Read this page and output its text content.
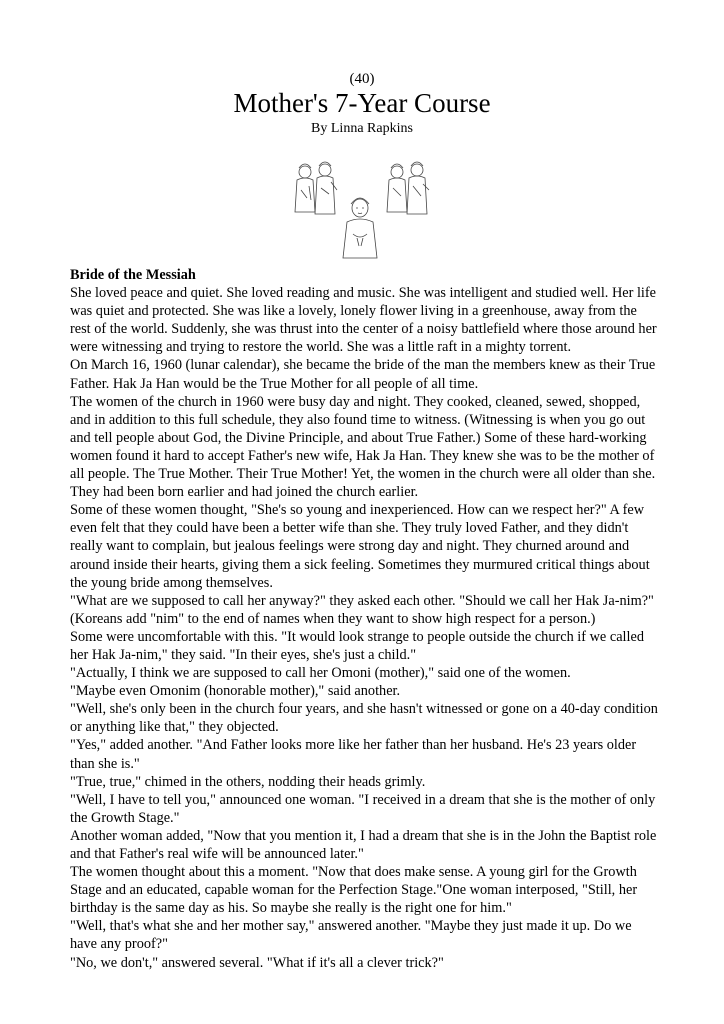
(40)
Mother's 7-Year Course
By Linna Rapkins
Bride of the Messiah

She loved peace and quiet. She loved reading and music. She was intelligent and studied well. Her life was quiet and protected. She was like a lovely, lonely flower living in a greenhouse, away from the rest of the world. Suddenly, she was thrust into the center of a noisy battlefield where those around her were witnessing and trying to restore the world. She was a little raft in a mighty torrent.

On March 16, 1960 (lunar calendar), she became the bride of the man the members knew as their True Father. Hak Ja Han would be the True Mother for all people of all time.

The women of the church in 1960 were busy day and night. They cooked, cleaned, sewed, shopped, and in addition to this full schedule, they also found time to witness. (Witnessing is when you go out and tell people about God, the Divine Principle, and about True Father.) Some of these hard-working women found it hard to accept Father's new wife, Hak Ja Han. They knew she was to be the mother of all people. The True Mother. Their True Mother! Yet, the women in the church were all older than she. They had been born earlier and had joined the church earlier.

Some of these women thought, "She's so young and inexperienced. How can we respect her?" A few even felt that they could have been a better wife than she. They truly loved Father, and they didn't really want to complain, but jealous feelings were strong day and night. They churned around and around inside their hearts, giving them a sick feeling. Sometimes they murmured critical things about the young bride among themselves.

"What are we supposed to call her anyway?" they asked each other. "Should we call her Hak Ja-nim?" (Koreans add "nim" to the end of names when they want to show high respect for a person.)

Some were uncomfortable with this. "It would look strange to people outside the church if we called her Hak Ja-nim," they said. "In their eyes, she's just a child."

"Actually, I think we are supposed to call her Omoni (mother)," said one of the women.

"Maybe even Omonim (honorable mother)," said another.

"Well, she's only been in the church four years, and she hasn't witnessed or gone on a 40-day condition or anything like that," they objected.

"Yes," added another. "And Father looks more like her father than her husband. He's 23 years older than she is."

"True, true," chimed in the others, nodding their heads grimly.

"Well, I have to tell you," announced one woman. "I received in a dream that she is the mother of only the Growth Stage."

Another woman added, "Now that you mention it, I had a dream that she is in the John the Baptist role and that Father's real wife will be announced later."

The women thought about this a moment. "Now that does make sense. A young girl for the Growth Stage and an educated, capable woman for the Perfection Stage."One woman interposed, "Still, her birthday is the same day as his. So maybe she really is the right one for him."

"Well, that's what she and her mother say," answered another. "Maybe they just made it up. Do we have any proof?"

"No, we don't," answered several. "What if it's all a clever trick?"
